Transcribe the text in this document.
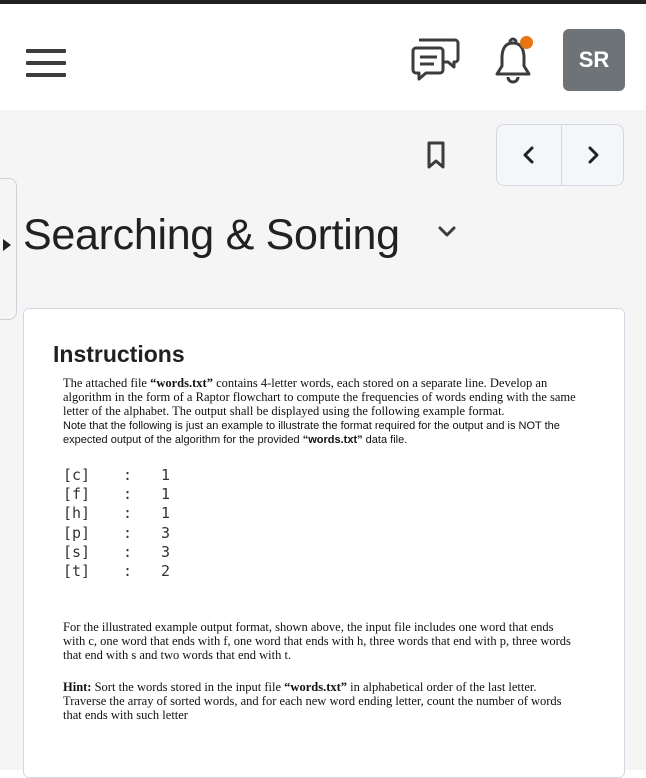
SR
Searching & Sorting
Instructions

The attached file “words.txt” contains 4-letter words, each stored on a separate line. Develop an algorithm in the form of a Raptor flowchart to compute the frequencies of words ending with the same letter of the alphabet. The output shall be displayed using the following example format.

Note that the following is just an example to illustrate the format required for the output and is NOT the expected output of the algorithm for the provided “words.txt” data file.

[c] : 1
[f] : 1
[h] : 1
[p] : 3
[s] : 3
[t] : 2

For the illustrated example output format, shown above, the input file includes one word that ends with c, one word that ends with f, one word that ends with h, three words that end with p, three words that end with s and two words that end with t.

Hint: Sort the words stored in the input file “words.txt” in alphabetical order of the last letter. Traverse the array of sorted words, and for each new word ending letter, count the number of words that ends with such letter
